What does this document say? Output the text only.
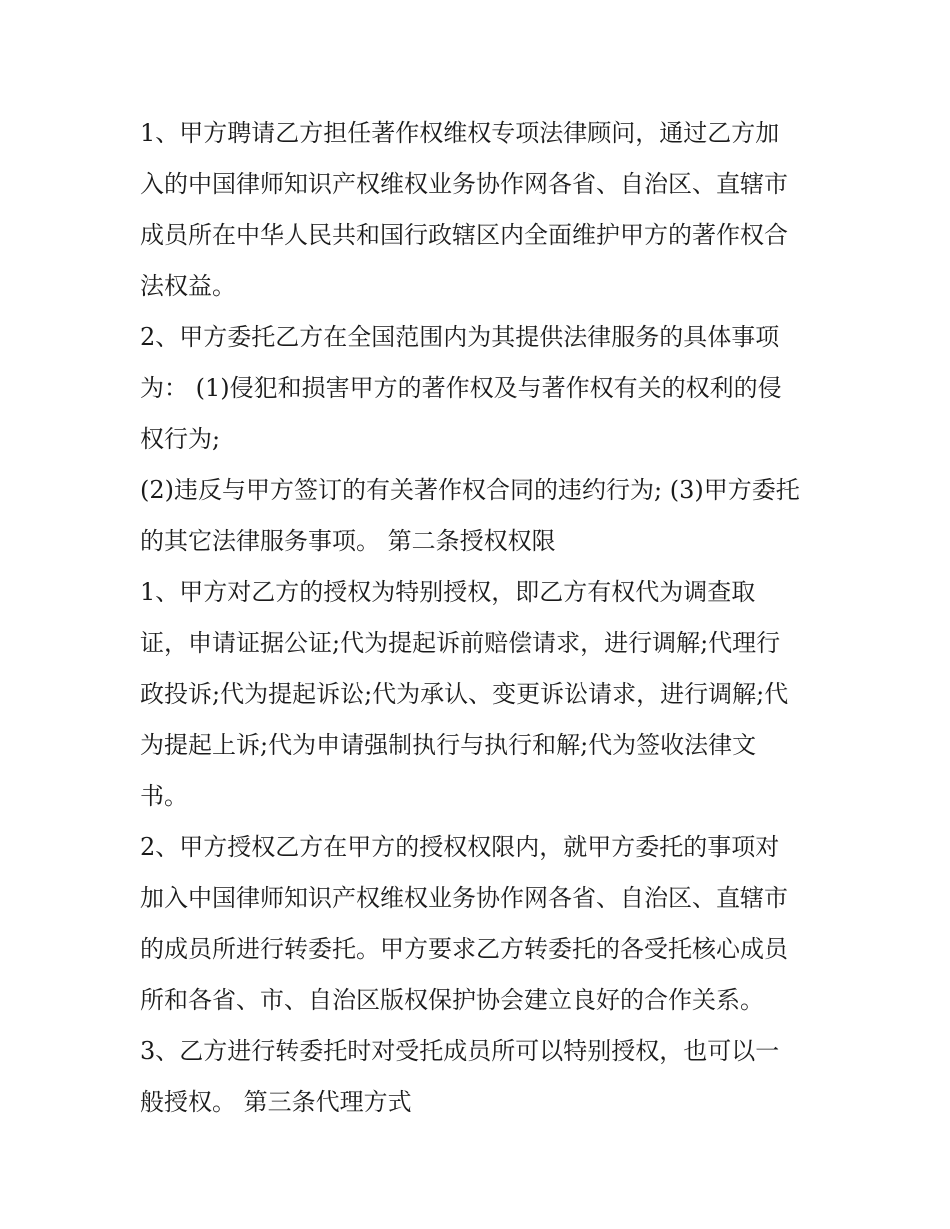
1、甲方聘请乙方担任著作权维权专项法律顾问，通过乙方加
入的中国律师知识产权维权业务协作网各省、自治区、直辖市
成员所在中华人民共和国行政辖区内全面维护甲方的著作权合
法权益。

2、甲方委托乙方在全国范围内为其提供法律服务的具体事项
为： (1)侵犯和损害甲方的著作权及与著作权有关的权利的侵
权行为;

(2)违反与甲方签订的有关著作权合同的违约行为; (3)甲方委托
的其它法律服务事项。 第二条授权权限

1、甲方对乙方的授权为特别授权，即乙方有权代为调查取
证，申请证据公证;代为提起诉前赔偿请求，进行调解;代理行
政投诉;代为提起诉讼;代为承认、变更诉讼请求，进行调解;代
为提起上诉;代为申请强制执行与执行和解;代为签收法律文
书。

2、甲方授权乙方在甲方的授权权限内，就甲方委托的事项对
加入中国律师知识产权维权业务协作网各省、自治区、直辖市
的成员所进行转委托。甲方要求乙方转委托的各受托核心成员
所和各省、市、自治区版权保护协会建立良好的合作关系。

3、乙方进行转委托时对受托成员所可以特别授权，也可以一
般授权。 第三条代理方式
